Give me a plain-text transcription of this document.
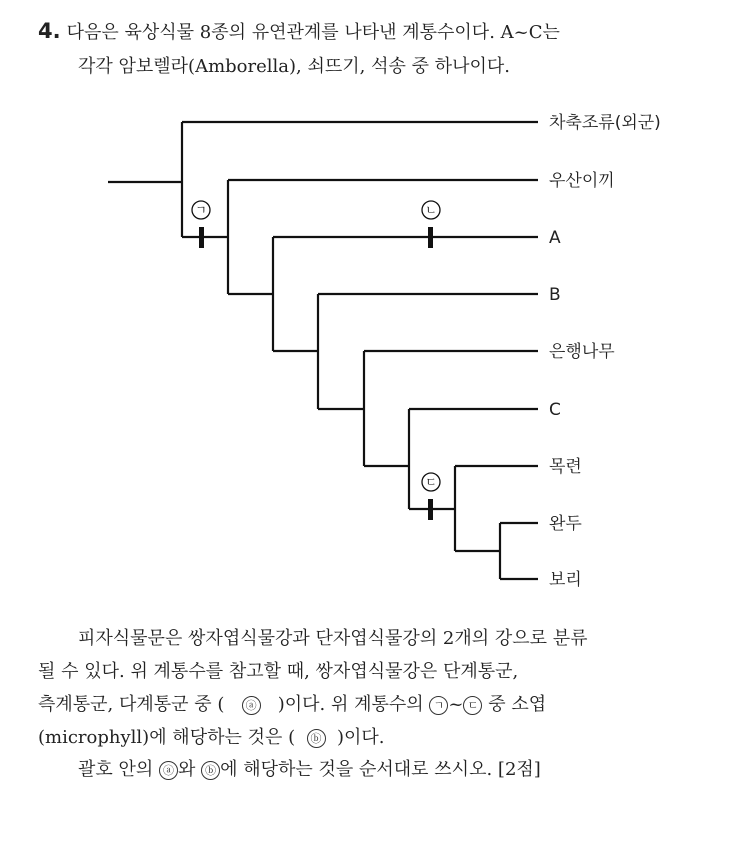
4. 다음은 육상식물 8종의 유연관계를 나타낸 계통수이다. A~C는
각각 암보렐라(Amborella), 쇠뜨기, 석송 중 하나이다.
차축조류(외군)
우산이끼
A
B
은행나무
C
목련
완두
보리
ㄱ	ㄴ
ㄷ
피자식물문은 쌍자엽식물강과 단자엽식물강의 2개의 강으로 분류
될 수 있다. 위 계통수를 참고할 때, 쌍자엽식물강은 단계통군,
측계통군, 다계통군 중 ( ⓐ )이다. 위 계통수의 ㄱ ~ ㄷ 중 소엽
(microphyll)에 해당하는 것은 ( ⓑ )이다.
괄호 안의 ⓐ 와 ⓑ 에 해당하는 것을 순서대로 쓰시오. [2점]
